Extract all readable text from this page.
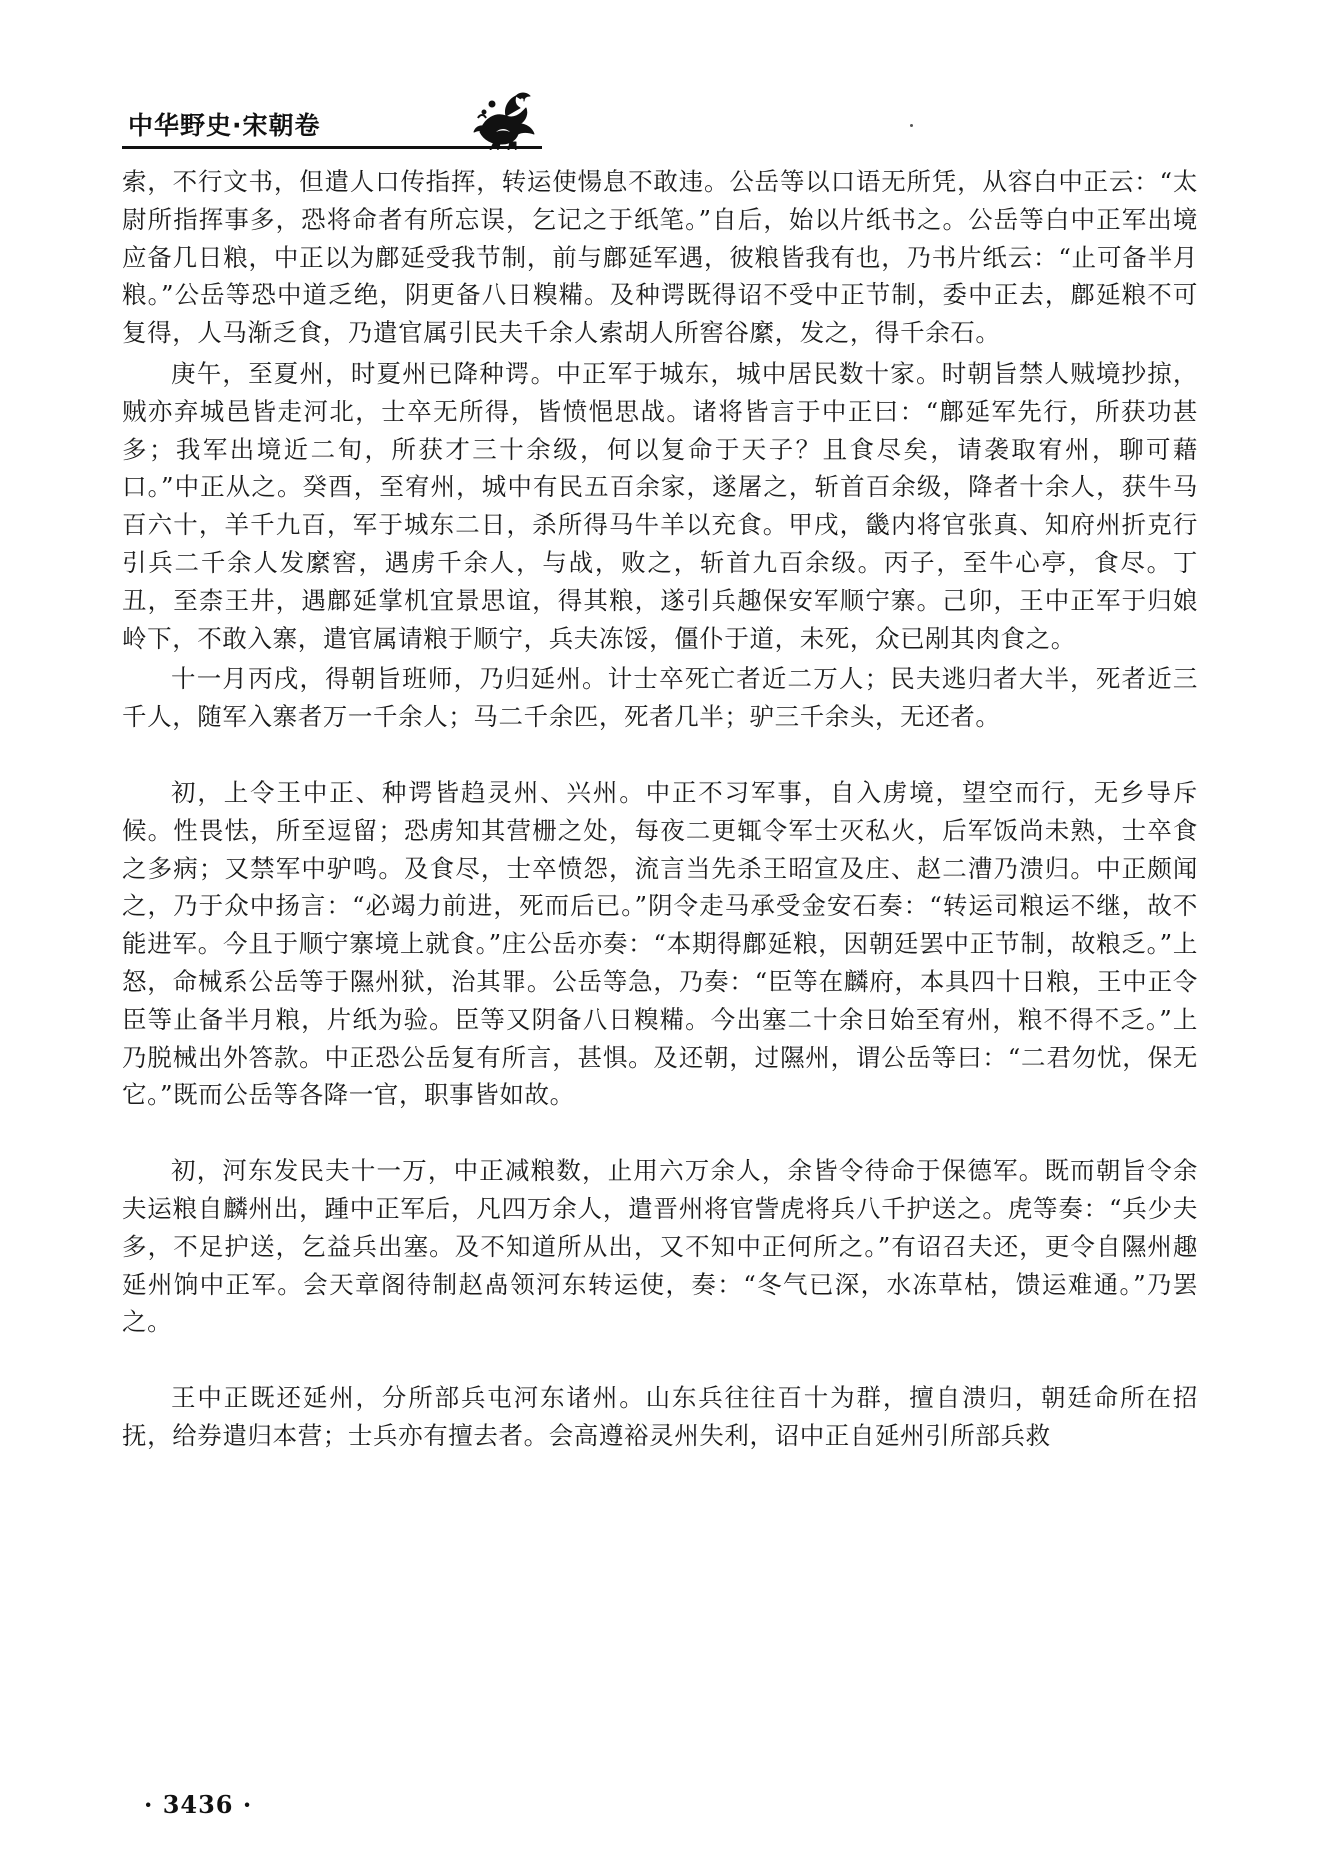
中华野史·宋朝卷

索，不行文书，但遣人口传指挥，转运使愓息不敢违。公岳等以口语无所凭，从容白中正云：“太尉所指挥事多，恐将命者有所忘误，乞记之于纸笔。”自后，始以片纸书之。公岳等白中正军出境应备几日粮，中正以为鄜延受我节制，前与鄜延军遇，彼粮皆我有也，乃书片纸云：“止可备半月粮。”公岳等恐中道乏绝，阴更备八日糗糒。及种谔既得诏不受中正节制，委中正去，鄜延粮不可复得，人马渐乏食，乃遣官属引民夫千余人索胡人所窖谷縻，发之，得千余石。

庚午，至夏州，时夏州已降种谔。中正军于城东，城中居民数十家。时朝旨禁人贼境抄掠，贼亦弃城邑皆走河北，士卒无所得，皆愤悒思战。诸将皆言于中正曰：“鄜延军先行，所获功甚多；我军出境近二旬，所获才三十余级，何以复命于天子？且食尽矣，请袭取宥州，聊可藉口。”中正从之。癸酉，至宥州，城中有民五百余家，遂屠之，斩首百余级，降者十余人，获牛马百六十，羊千九百，军于城东二日，杀所得马牛羊以充食。甲戌，畿内将官张真、知府州折克行引兵二千余人发縻窖，遇虏千余人，与战，败之，斩首九百余级。丙子，至牛心亭，食尽。丁丑，至柰王井，遇鄜延掌机宜景思谊，得其粮，遂引兵趣保安军顺宁寨。己卯，王中正军于归娘岭下，不敢入寨，遣官属请粮于顺宁，兵夫冻馁，僵仆于道，未死，众已剐其肉食之。

十一月丙戌，得朝旨班师，乃归延州。计士卒死亡者近二万人；民夫逃归者大半，死者近三千人，随军入寨者万一千余人；马二千余匹，死者几半；驴三千余头，无还者。

初，上令王中正、种谔皆趋灵州、兴州。中正不习军事，自入虏境，望空而行，无乡导斥候。性畏怯，所至逗留；恐虏知其营栅之处，每夜二更辄令军士灭私火，后军饭尚未熟，士卒食之多病；又禁军中驴鸣。及食尽，士卒愤怨，流言当先杀王昭宣及庄、赵二漕乃溃归。中正颇闻之，乃于众中扬言：“必竭力前进，死而后已。”阴令走马承受金安石奏：“转运司粮运不继，故不能进军。今且于顺宁寨境上就食。”庄公岳亦奏：“本期得鄜延粮，因朝廷罢中正节制，故粮乏。”上怒，命械系公岳等于隰州狱，治其罪。公岳等急，乃奏：“臣等在麟府，本具四十日粮，王中正令臣等止备半月粮，片纸为验。臣等又阴备八日糗糒。今出塞二十余日始至宥州，粮不得不乏。”上乃脱械出外答款。中正恐公岳复有所言，甚惧。及还朝，过隰州，谓公岳等曰：“二君勿忧，保无它。”既而公岳等各降一官，职事皆如故。

初，河东发民夫十一万，中正减粮数，止用六万余人，余皆令待命于保德军。既而朝旨令余夫运粮自麟州出，踵中正军后，凡四万余人，遣晋州将官訾虎将兵八千护送之。虎等奏：“兵少夫多，不足护送，乞益兵出塞。及不知道所从出，又不知中正何所之。”有诏召夫还，更令自隰州趣延州饷中正军。会天章阁待制赵卨领河东转运使，奏：“冬气已深，水冻草枯，馈运难通。”乃罢之。

王中正既还延州，分所部兵屯河东诸州。山东兵往往百十为群，擅自溃归，朝廷命所在招抚，给券遣归本营；士兵亦有擅去者。会高遵裕灵州失利，诏中正自延州引所部兵救

· 3436 ·
